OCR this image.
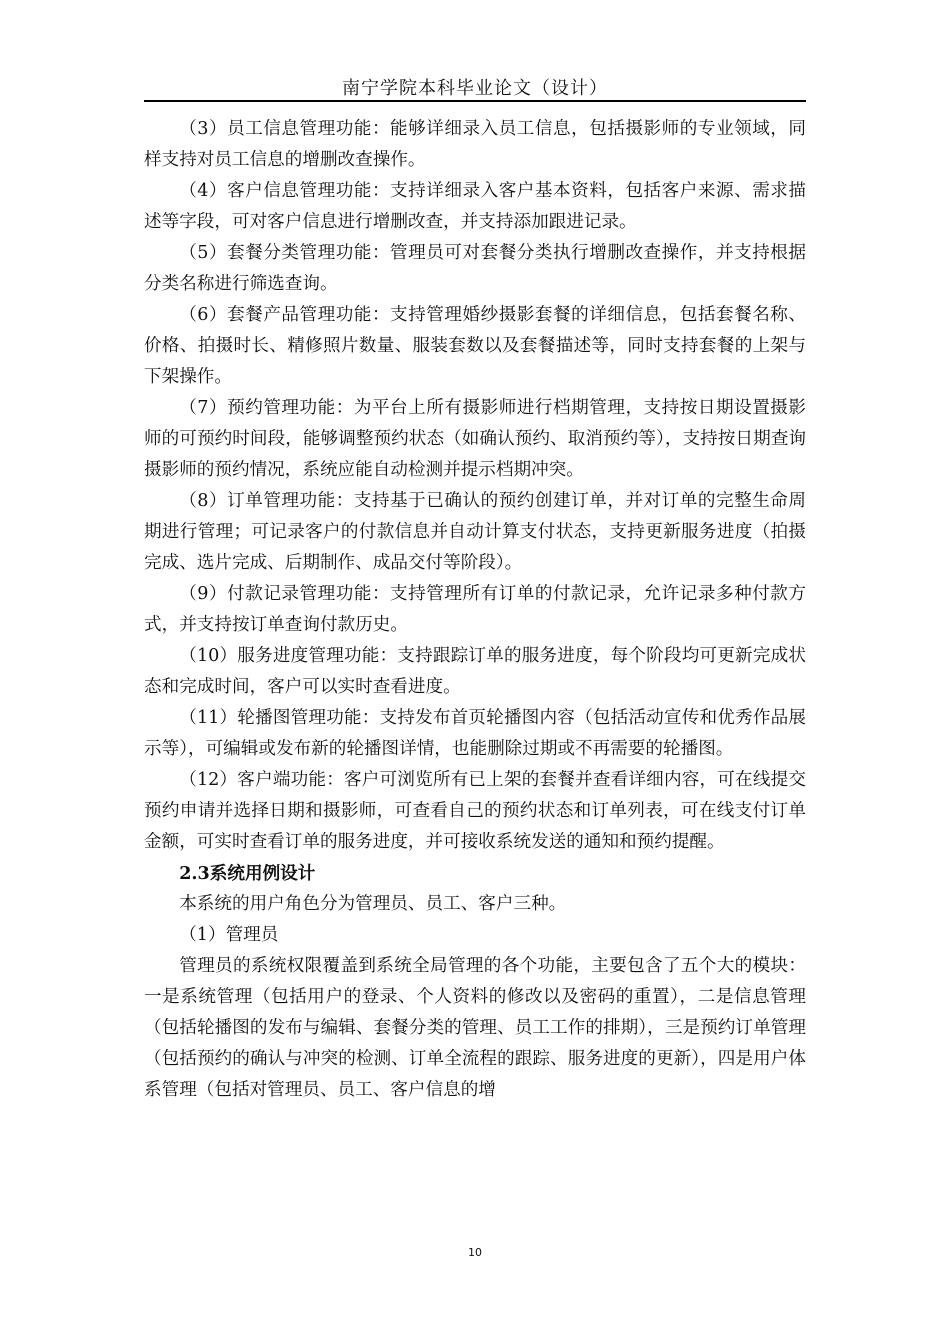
南宁学院本科毕业论文（设计）

（3）员工信息管理功能：能够详细录入员工信息，包括摄影师的专业领域，同样支持对员工信息的增删改查操作。

（4）客户信息管理功能：支持详细录入客户基本资料，包括客户来源、需求描述等字段，可对客户信息进行增删改查，并支持添加跟进记录。

（5）套餐分类管理功能：管理员可对套餐分类执行增删改查操作，并支持根据分类名称进行筛选查询。

（6）套餐产品管理功能：支持管理婚纱摄影套餐的详细信息，包括套餐名称、价格、拍摄时长、精修照片数量、服装套数以及套餐描述等，同时支持套餐的上架与下架操作。

（7）预约管理功能：为平台上所有摄影师进行档期管理，支持按日期设置摄影师的可预约时间段，能够调整预约状态（如确认预约、取消预约等），支持按日期查询摄影师的预约情况，系统应能自动检测并提示档期冲突。

（8）订单管理功能：支持基于已确认的预约创建订单，并对订单的完整生命周期进行管理；可记录客户的付款信息并自动计算支付状态，支持更新服务进度（拍摄完成、选片完成、后期制作、成品交付等阶段）。

（9）付款记录管理功能：支持管理所有订单的付款记录，允许记录多种付款方式，并支持按订单查询付款历史。

（10）服务进度管理功能：支持跟踪订单的服务进度，每个阶段均可更新完成状态和完成时间，客户可以实时查看进度。

（11）轮播图管理功能：支持发布首页轮播图内容（包括活动宣传和优秀作品展示等），可编辑或发布新的轮播图详情，也能删除过期或不再需要的轮播图。

（12）客户端功能：客户可浏览所有已上架的套餐并查看详细内容，可在线提交预约申请并选择日期和摄影师，可查看自己的预约状态和订单列表，可在线支付订单金额，可实时查看订单的服务进度，并可接收系统发送的通知和预约提醒。

2.3系统用例设计

本系统的用户角色分为管理员、员工、客户三种。

（1）管理员

管理员的系统权限覆盖到系统全局管理的各个功能，主要包含了五个大的模块：一是系统管理（包括用户的登录、个人资料的修改以及密码的重置），二是信息管理（包括轮播图的发布与编辑、套餐分类的管理、员工工作的排期），三是预约订单管理（包括预约的确认与冲突的检测、订单全流程的跟踪、服务进度的更新），四是用户体系管理（包括对管理员、员工、客户信息的增

10
